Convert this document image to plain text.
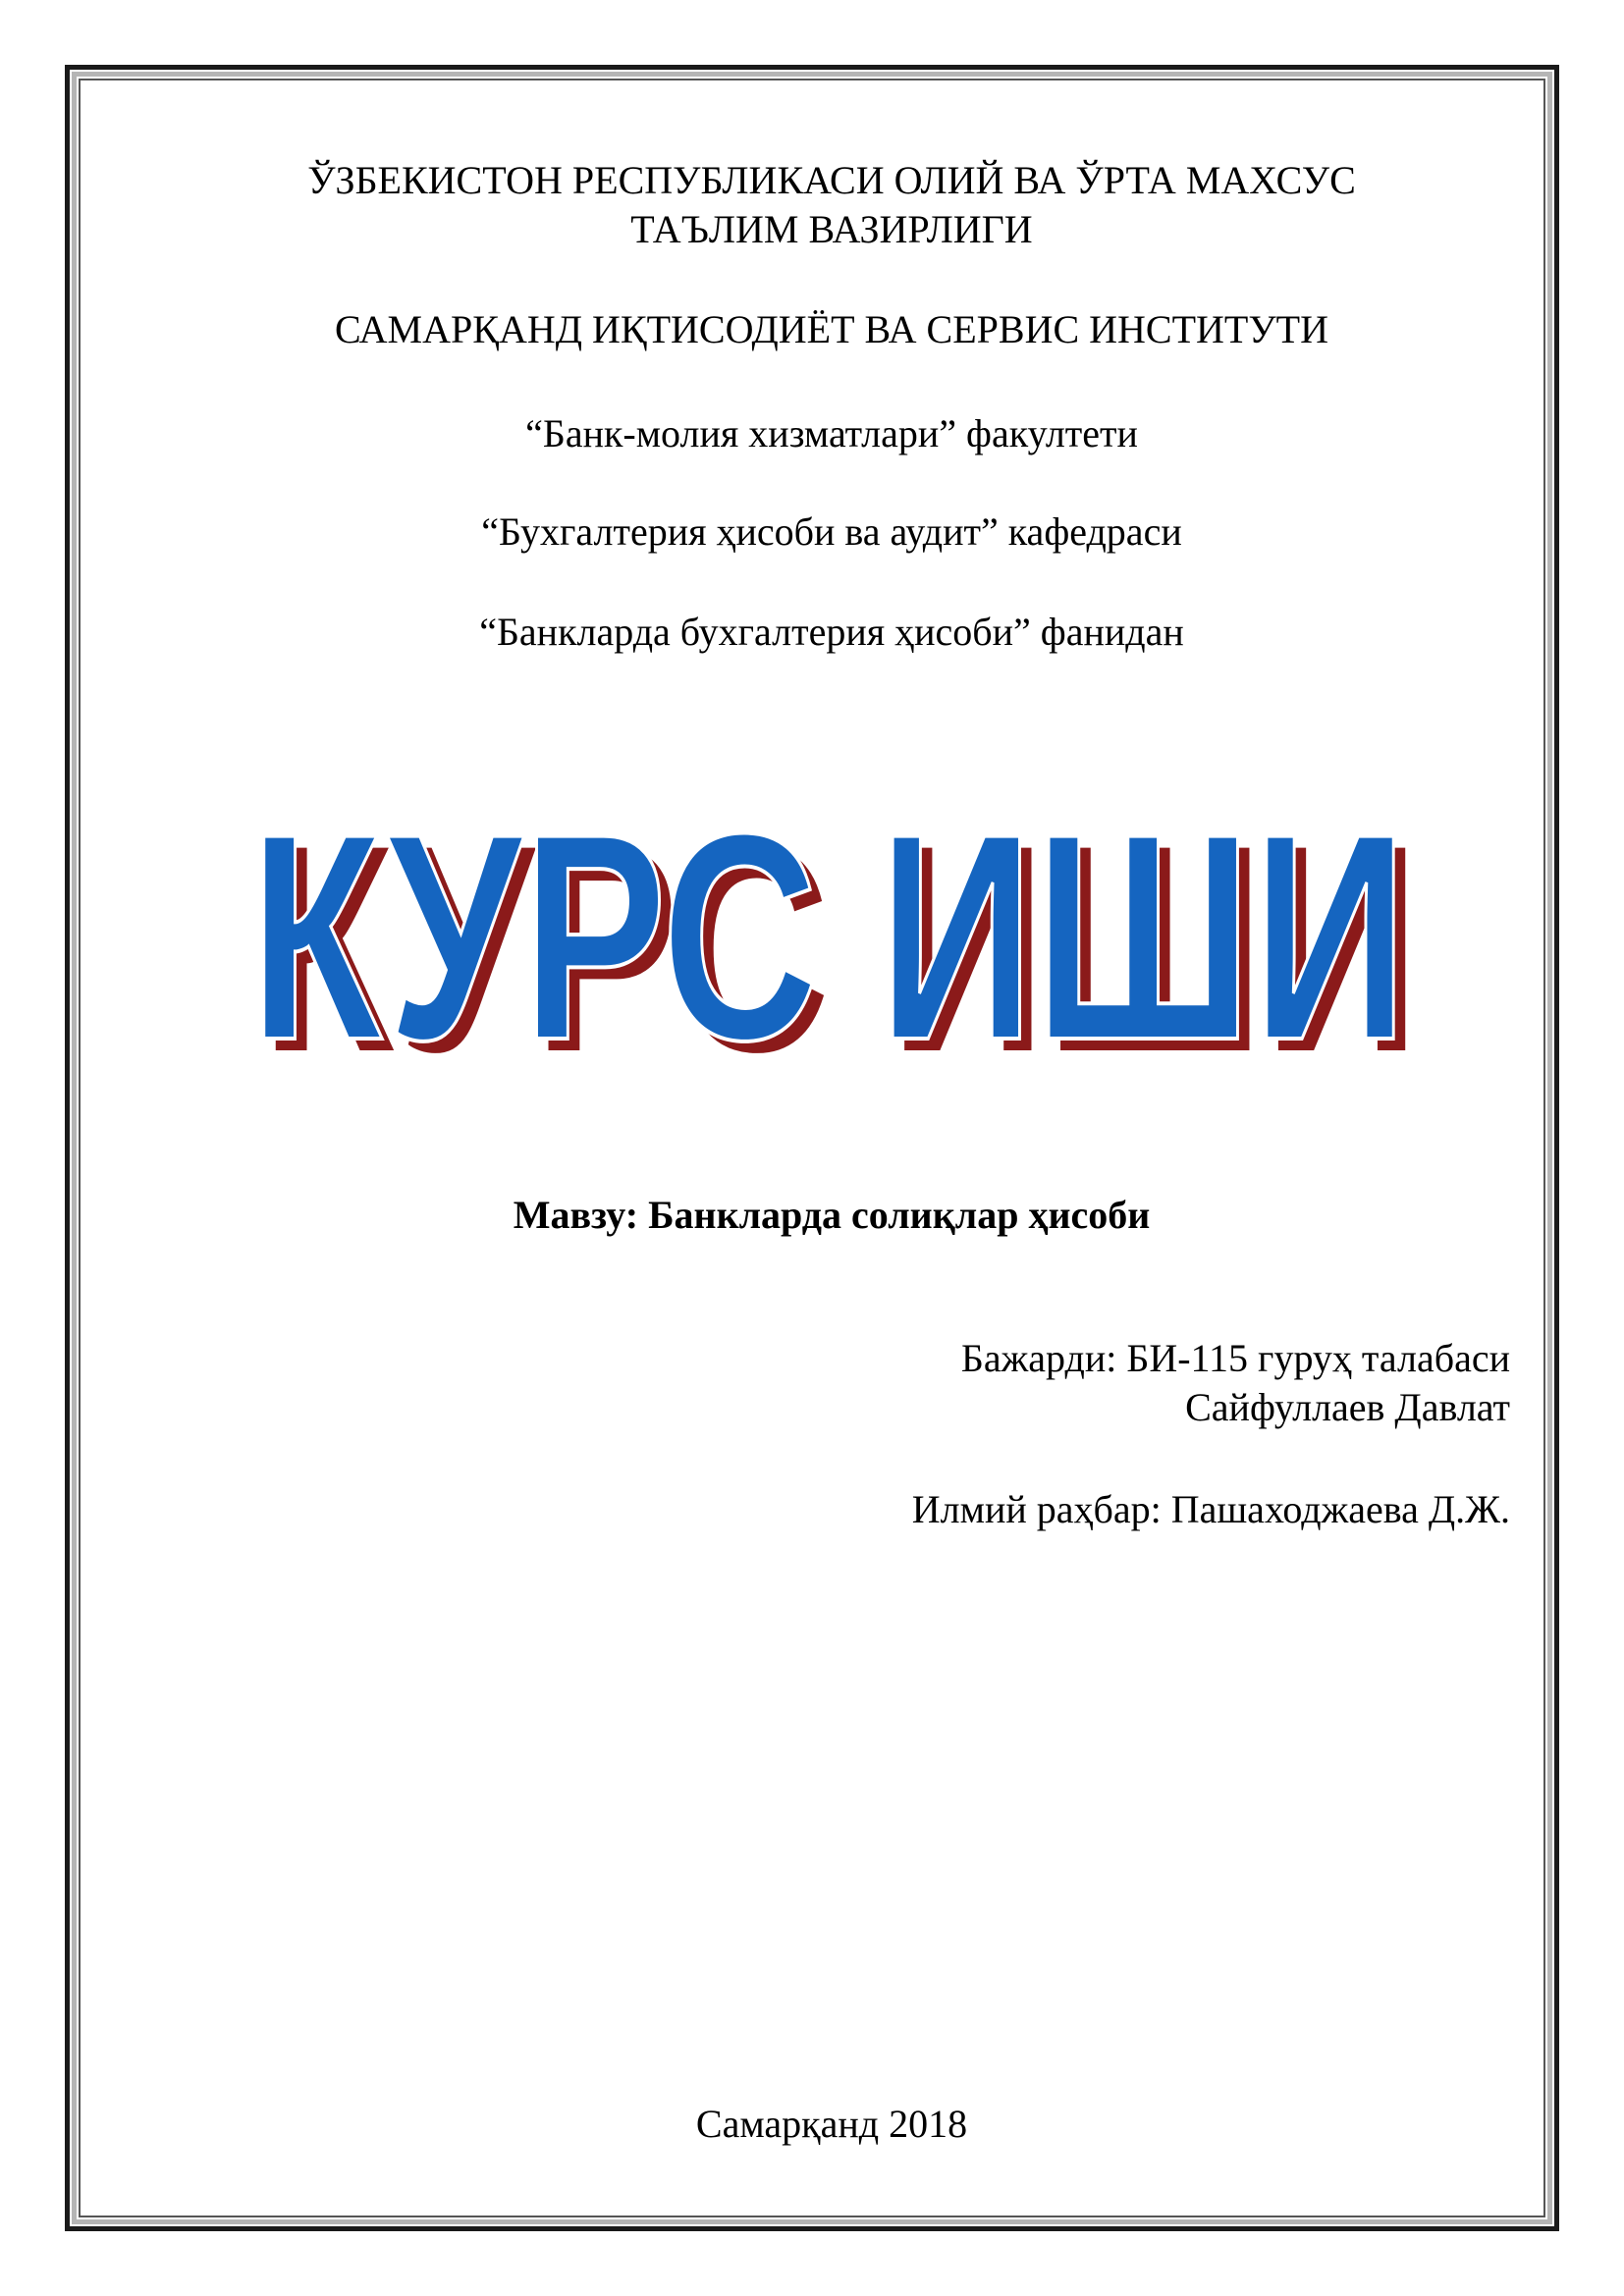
ЎЗБЕКИСТОН РЕСПУБЛИКАСИ ОЛИЙ ВА ЎРТА МАХСУС
ТАЪЛИМ ВАЗИРЛИГИ
САМАРҚАНД ИҚТИСОДИЁТ ВА СЕРВИС ИНСТИТУТИ
“Банк-молия хизматлари” факултети
“Бухгалтерия ҳисоби ва аудит” кафедраси
“Банкларда бухгалтерия ҳисоби” фанидан
КУРС ИШИ
КУРС ИШИ
Мавзу: Банкларда солиқлар ҳисоби
Бажарди: БИ-115 гуруҳ талабаси
Сайфуллаев Давлат
Илмий раҳбар: Пашаходжаева Д.Ж.
Самарқанд 2018
